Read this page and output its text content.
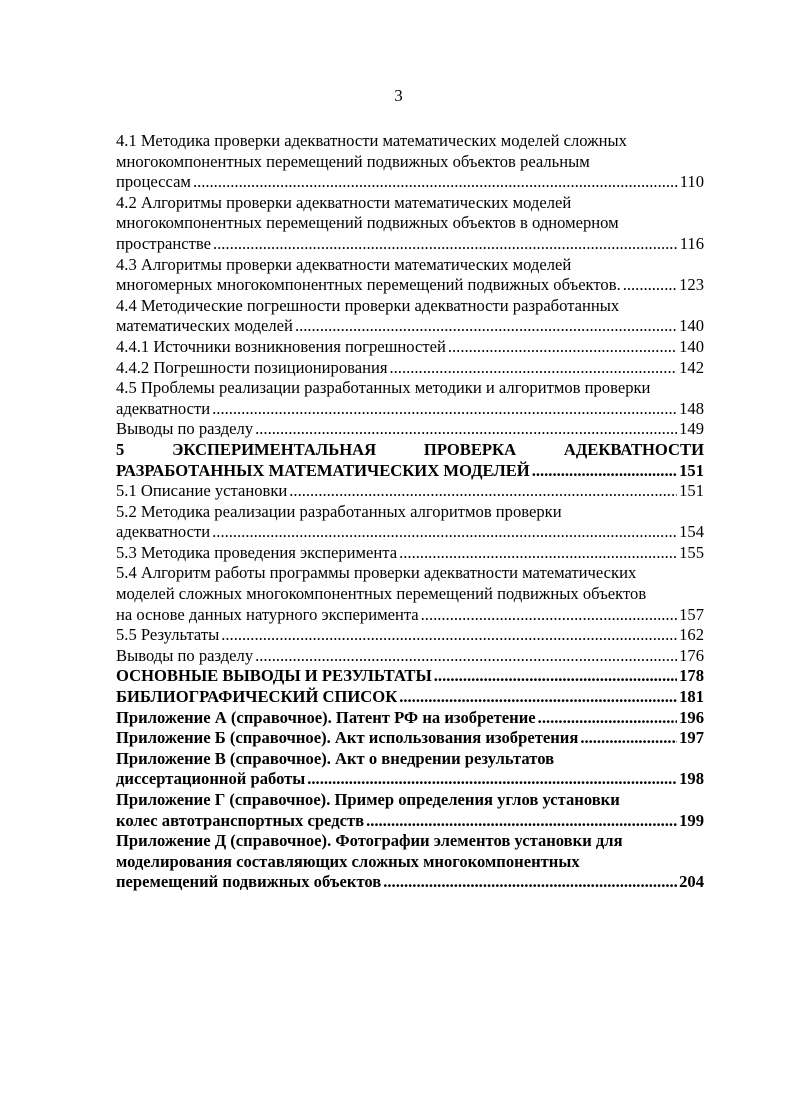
3
4.1 Методика проверки адекватности математических моделей сложных
многокомпонентных перемещений подвижных объектов реальным
процессам .....	110
4.2 Алгоритмы проверки адекватности математических моделей
многокомпонентных перемещений подвижных объектов в одномерном
пространстве .....	116
4.3 Алгоритмы проверки адекватности математических моделей
многомерных многокомпонентных перемещений подвижных объектов. .....	123
4.4 Методические погрешности проверки адекватности разработанных
математических моделей .....	140
4.4.1 Источники возникновения погрешностей .....	140
4.4.2 Погрешности позиционирования .....	142
4.5 Проблемы реализации разработанных методики и алгоритмов проверки
адекватности .....	148
Выводы по разделу .....	149
5 ЭКСПЕРИМЕНТАЛЬНАЯ ПРОВЕРКА АДЕКВАТНОСТИ
РАЗРАБОТАННЫХ МАТЕМАТИЧЕСКИХ МОДЕЛЕЙ .....	151
5.1 Описание установки .....	151
5.2 Методика реализации разработанных алгоритмов проверки
адекватности .....	154
5.3 Методика проведения эксперимента .....	155
5.4 Алгоритм работы программы проверки адекватности математических
моделей сложных многокомпонентных перемещений подвижных объектов
на основе данных натурного эксперимента .....	157
5.5 Результаты .....	162
Выводы по разделу .....	176
ОСНОВНЫЕ ВЫВОДЫ И РЕЗУЛЬТАТЫ .....	178
БИБЛИОГРАФИЧЕСКИЙ СПИСОК .....	181
Приложение А (справочное). Патент РФ на изобретение .....	196
Приложение Б (справочное). Акт использования изобретения .....	197
Приложение В (справочное). Акт о внедрении результатов
диссертационной работы .....	198
Приложение Г (справочное). Пример определения углов установки
колес автотранспортных средств .....	199
Приложение Д (справочное). Фотографии элементов установки для
моделирования составляющих сложных многокомпонентных
перемещений подвижных объектов .....	204
